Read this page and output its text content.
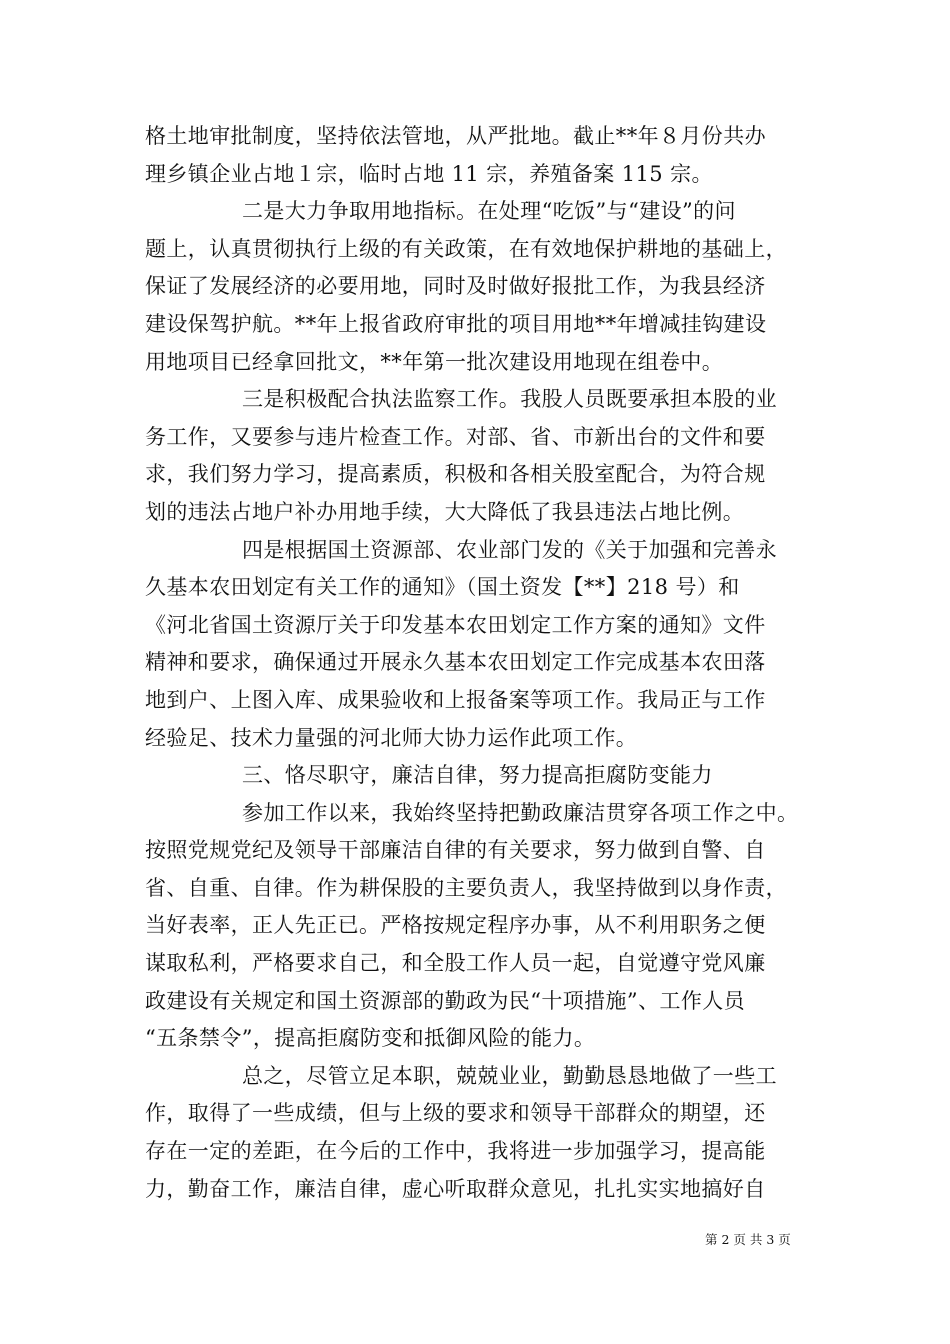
格土地审批制度，坚持依法管地，从严批地。截止**年８月份共办
理乡镇企业占地１宗，临时占地 11 宗，养殖备案 115 宗。
二是大力争取用地指标。在处理“吃饭”与“建设”的问
题上，认真贯彻执行上级的有关政策，在有效地保护耕地的基础上，
保证了发展经济的必要用地，同时及时做好报批工作，为我县经济
建设保驾护航。**年上报省政府审批的项目用地**年增减挂钩建设
用地项目已经拿回批文，**年第一批次建设用地现在组卷中。
三是积极配合执法监察工作。我股人员既要承担本股的业
务工作，又要参与违片检查工作。对部、省、市新出台的文件和要
求，我们努力学习，提高素质，积极和各相关股室配合，为符合规
划的违法占地户补办用地手续，大大降低了我县违法占地比例。
四是根据国土资源部、农业部门发的《关于加强和完善永
久基本农田划定有关工作的通知》（国土资发【**】218 号）和
《河北省国土资源厅关于印发基本农田划定工作方案的通知》文件
精神和要求，确保通过开展永久基本农田划定工作完成基本农田落
地到户、上图入库、成果验收和上报备案等项工作。我局正与工作
经验足、技术力量强的河北师大协力运作此项工作。
三、恪尽职守，廉洁自律，努力提高拒腐防变能力
参加工作以来，我始终坚持把勤政廉洁贯穿各项工作之中。
按照党规党纪及领导干部廉洁自律的有关要求，努力做到自警、自
省、自重、自律。作为耕保股的主要负责人，我坚持做到以身作责，
当好表率，正人先正已。严格按规定程序办事，从不利用职务之便
谋取私利，严格要求自己，和全股工作人员一起，自觉遵守党风廉
政建设有关规定和国土资源部的勤政为民“十项措施”、工作人员
“五条禁令”，提高拒腐防变和抵御风险的能力。
总之，尽管立足本职，兢兢业业，勤勤恳恳地做了一些工
作，取得了一些成绩，但与上级的要求和领导干部群众的期望，还
存在一定的差距，在今后的工作中，我将进一步加强学习，提高能
力，勤奋工作，廉洁自律，虚心听取群众意见，扎扎实实地搞好自
第 2 页 共 3 页
